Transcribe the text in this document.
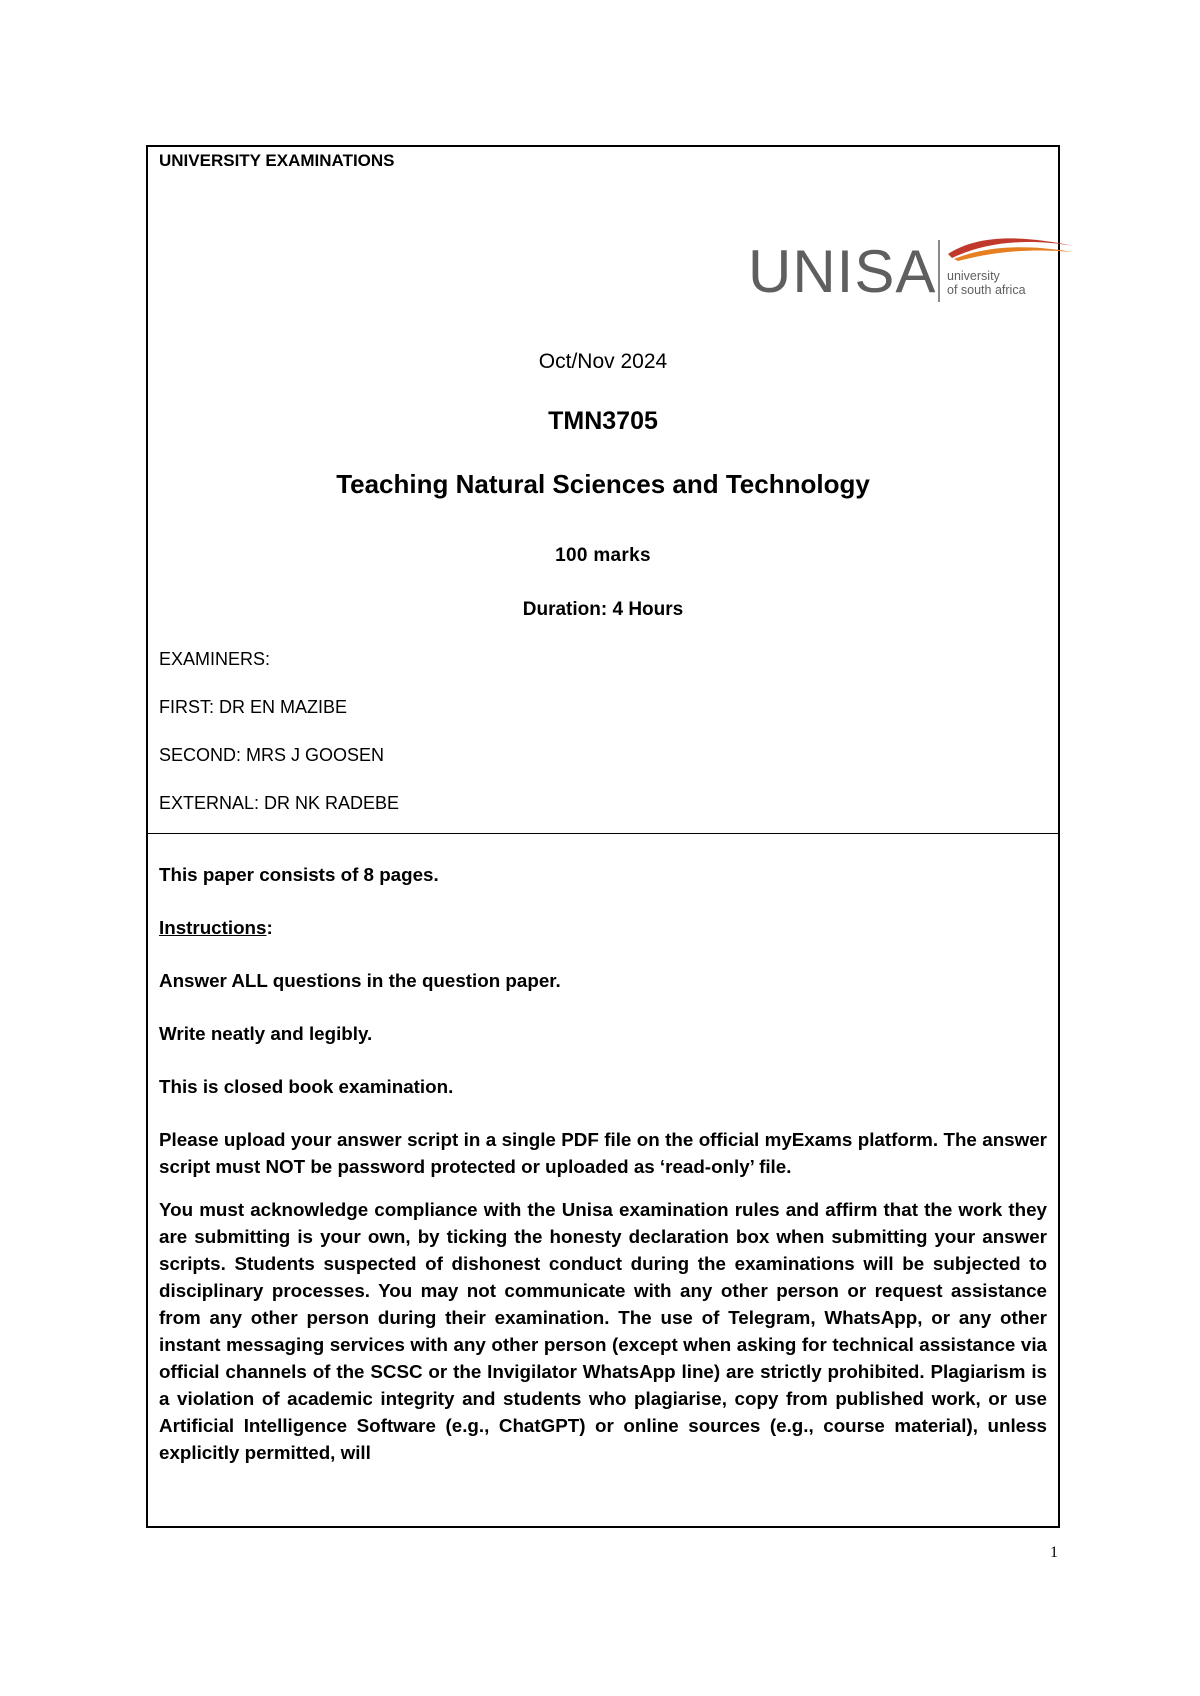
UNIVERSITY EXAMINATIONS
UNISA university
of south africa
Oct/Nov 2024
TMN3705
Teaching Natural Sciences and Technology
100 marks
Duration: 4 Hours
EXAMINERS:
FIRST: DR EN MAZIBE
SECOND: MRS J GOOSEN
EXTERNAL: DR NK RADEBE

This paper consists of 8 pages.

Instructions:

Answer ALL questions in the question paper.

Write neatly and legibly.

This is closed book examination.

Please upload your answer script in a single PDF file on the official myExams platform. The answer script must NOT be password protected or uploaded as ‘read-only’ file.

You must acknowledge compliance with the Unisa examination rules and affirm that the work they are submitting is your own, by ticking the honesty declaration box when submitting your answer scripts. Students suspected of dishonest conduct during the examinations will be subjected to disciplinary processes. You may not communicate with any other person or request assistance from any other person during their examination. The use of Telegram, WhatsApp, or any other instant messaging services with any other person (except when asking for technical assistance via official channels of the SCSC or the Invigilator WhatsApp line) are strictly prohibited. Plagiarism is a violation of academic integrity and students who plagiarise, copy from published work, or use Artificial Intelligence Software (e.g., ChatGPT) or online sources (e.g., course material), unless explicitly permitted, will

1
